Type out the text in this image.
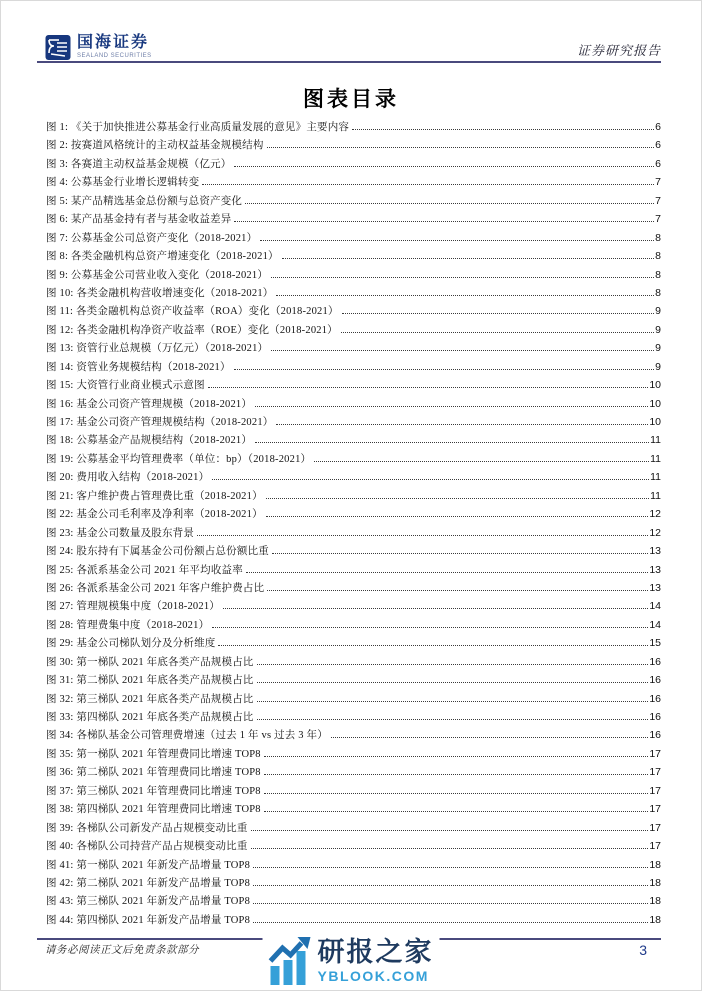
国海证券
SEALAND SECURITIES	证券研究报告
图表目录
图 1: 《关于加快推进公募基金行业高质量发展的意见》主要内容	6
图 2: 按赛道风格统计的主动权益基金规模结构	6
图 3: 各赛道主动权益基金规模（亿元）	6
图 4: 公募基金行业增长逻辑转变	7
图 5: 某产品精选基金总份额与总资产变化	7
图 6: 某产品基金持有者与基金收益差异	7
图 7: 公募基金公司总资产变化（2018-2021）	8
图 8: 各类金融机构总资产增速变化（2018-2021）	8
图 9: 公募基金公司营业收入变化（2018-2021）	8
图 10: 各类金融机构营收增速变化（2018-2021）	8
图 11: 各类金融机构总资产收益率（ROA）变化（2018-2021）	9
图 12: 各类金融机构净资产收益率（ROE）变化（2018-2021）	9
图 13: 资管行业总规模（万亿元）（2018-2021）	9
图 14: 资管业务规模结构（2018-2021）	9
图 15: 大资管行业商业模式示意图	10
图 16: 基金公司资产管理规模（2018-2021）	10
图 17: 基金公司资产管理规模结构（2018-2021）	10
图 18: 公募基金产品规模结构（2018-2021）	11
图 19: 公募基金平均管理费率（单位：bp）（2018-2021）	11
图 20: 费用收入结构（2018-2021）	11
图 21: 客户维护费占管理费比重（2018-2021）	11
图 22: 基金公司毛利率及净利率（2018-2021）	12
图 23: 基金公司数量及股东背景	12
图 24: 股东持有下属基金公司份额占总份额比重	13
图 25: 各派系基金公司 2021 年平均收益率	13
图 26: 各派系基金公司 2021 年客户维护费占比	13
图 27: 管理规模集中度（2018-2021）	14
图 28: 管理费集中度（2018-2021）	14
图 29: 基金公司梯队划分及分析维度	15
图 30: 第一梯队 2021 年底各类产品规模占比	16
图 31: 第二梯队 2021 年底各类产品规模占比	16
图 32: 第三梯队 2021 年底各类产品规模占比	16
图 33: 第四梯队 2021 年底各类产品规模占比	16
图 34: 各梯队基金公司管理费增速（过去 1 年 vs 过去 3 年）	16
图 35: 第一梯队 2021 年管理费同比增速 TOP8	17
图 36: 第二梯队 2021 年管理费同比增速 TOP8	17
图 37: 第三梯队 2021 年管理费同比增速 TOP8	17
图 38: 第四梯队 2021 年管理费同比增速 TOP8	17
图 39: 各梯队公司新发产品占规模变动比重	17
图 40: 各梯队公司持营产品占规模变动比重	17
图 41: 第一梯队 2021 年新发产品增量 TOP8	18
图 42: 第二梯队 2021 年新发产品增量 TOP8	18
图 43: 第三梯队 2021 年新发产品增量 TOP8	18
图 44: 第四梯队 2021 年新发产品增量 TOP8	18
请务必阅读正文后免责条款部分	3
研报之家
YBLOOK.COM
